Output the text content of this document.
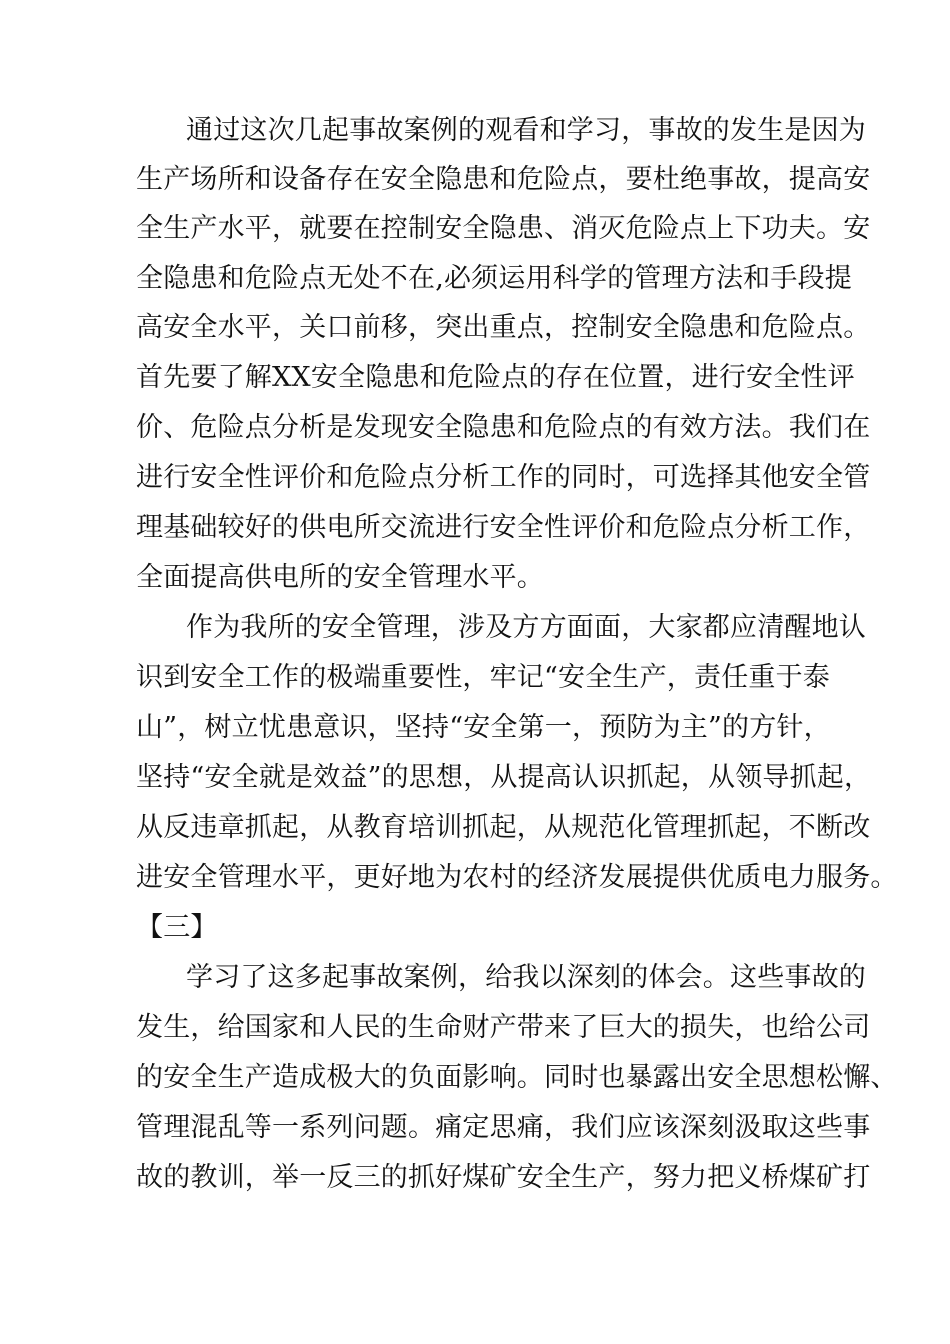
通过这次几起事故案例的观看和学习，事故的发生是因为
生产场所和设备存在安全隐患和危险点，要杜绝事故，提高安
全生产水平，就要在控制安全隐患、消灭危险点上下功夫。安
全隐患和危险点无处不在,必须运用科学的管理方法和手段提
高安全水平，关口前移，突出重点，控制安全隐患和危险点。
首先要了解XX安全隐患和危险点的存在位置，进行安全性评
价、危险点分析是发现安全隐患和危险点的有效方法。我们在
进行安全性评价和危险点分析工作的同时，可选择其他安全管
理基础较好的供电所交流进行安全性评价和危险点分析工作，
全面提高供电所的安全管理水平。
作为我所的安全管理，涉及方方面面，大家都应清醒地认
识到安全工作的极端重要性，牢记“安全生产，责任重于泰
山”，树立忧患意识，坚持“安全第一，预防为主”的方针，
坚持“安全就是效益”的思想，从提高认识抓起，从领导抓起，
从反违章抓起，从教育培训抓起，从规范化管理抓起，不断改
进安全管理水平，更好地为农村的经济发展提供优质电力服务。
【三】
学习了这多起事故案例，给我以深刻的体会。这些事故的
发生，给国家和人民的生命财产带来了巨大的损失，也给公司
的安全生产造成极大的负面影响。同时也暴露出安全思想松懈、
管理混乱等一系列问题。痛定思痛，我们应该深刻汲取这些事
故的教训，举一反三的抓好煤矿安全生产，努力把义桥煤矿打
